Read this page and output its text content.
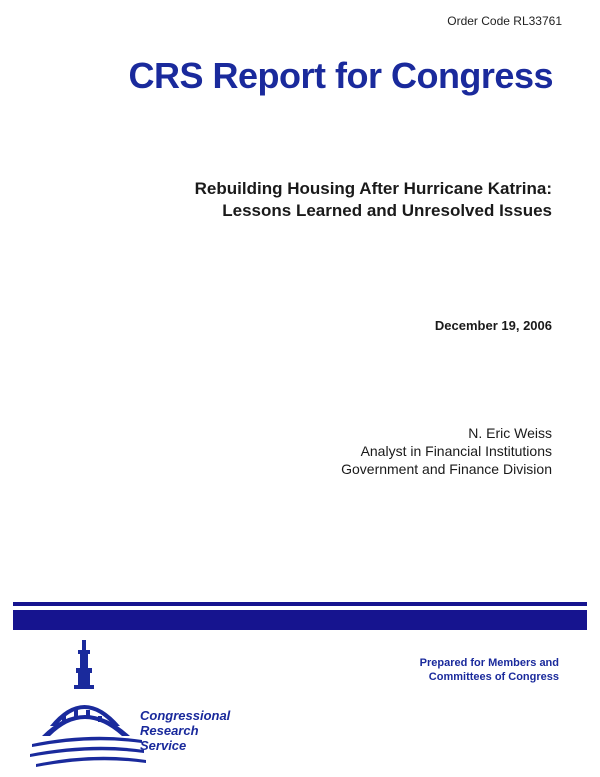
Order Code RL33761
CRS Report for Congress
Rebuilding Housing After Hurricane Katrina:
Lessons Learned and Unresolved Issues
December 19, 2006
N. Eric Weiss
Analyst in Financial Institutions
Government and Finance Division
Prepared for Members and
Committees of Congress
Congressional
Research
Service
